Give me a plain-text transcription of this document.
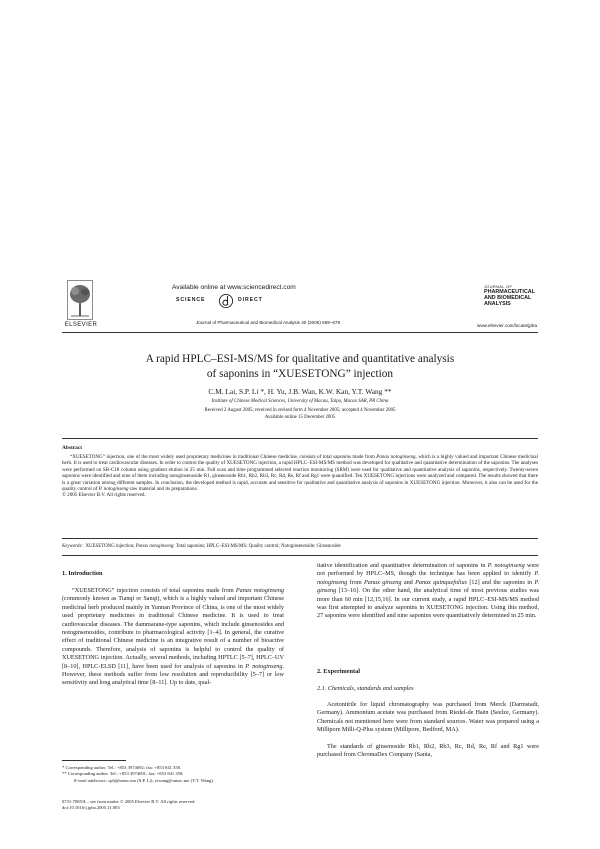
ELSEVIER
Available online at www.sciencedirect.com
SCIENCE	DIRECT
Journal of Pharmaceutical and Biomedical Analysis 40 (2006) 669–678
JOURNAL OF
PHARMACEUTICAL
AND BIOMEDICAL
ANALYSIS
www.elsevier.com/locate/jpba
A rapid HPLC–ESI-MS/MS for qualitative and quantitative analysis
of saponins in “XUESETONG” injection
C.M. Lai, S.P. Li *, H. Yu, J.B. Wan, K.W. Kan, Y.T. Wang **
Institute of Chinese Medical Sciences, University of Macau, Taipa, Macao SAR, PR China
Received 2 August 2005; received in revised form 4 November 2005; accepted 4 November 2005
Available online 15 December 2005
Abstract
“XUESETONG” injection, one of the most widely used proprietary medicines in traditional Chinese medicine, consists of total saponins made from Panax notoginseng, which is a highly valued and important Chinese medicinal herb. It is used to treat cardiovascular diseases. In order to control the quality of XUESETONG injection, a rapid HPLC–ESI-MS/MS method was developed for qualitative and quantitative determination of the saponins. The analyses were performed on SB-C18 column using gradient elution in 25 min. Full scan and time programmed selected reaction monitoring (SRM) were used for qualitative and quantitative analysis of saponins, respectively. Twenty-seven saponins were identified and nine of them including notoginsenoside R1, ginsenoside Rb1, Rb2, Rb3, Rc, Rd, Re, Rf and Rg1 were quantified. Ten XUESETONG injections were analyzed and compared. The results showed that there is a great variation among different samples. In conclusion, the developed method is rapid, accurate and sensitive for qualitative and quantitative analysis of saponins in XUESETONG injection. Moreover, it also can be used for the quality control of P. notoginseng raw material and its preparations.
© 2005 Elsevier B.V. All rights reserved.
Keywords: XUESETONG injection; Panax notoginseng; Total saponins; HPLC–ESI-MS/MS; Quality control; Notoginsenoside; Ginsenoside
1. Introduction
“XUESETONG” injection consists of total saponins made from Panax notoginseng (commonly known as Tianqi or Sanqi), which is a highly valued and important Chinese medicinal herb produced mainly in Yunnan Province of China, is one of the most widely used proprietary medicines in traditional Chinese medicine. It is used to treat cardiovascular diseases. The dammarane-type saponins, which include ginsenosides and notoginsenosides, contribute to pharmacological activity [1–4]. In general, the curative effect of traditional Chinese medicine is an integrative result of a number of bioactive compounds. Therefore, analysis of saponins is helpful to control the quality of XUESETONG injection. Actually, several methods, including HPTLC [5–7], HPLC–UV [8–10], HPLC-ELSD [11], have been used for analysis of saponins in P. notoginseng. However, these methods suffer from low resolution and reproducibility [5–7] or low sensitivity and long analytical time [8–11]. Up to date, qual-
* Corresponding author. Tel.: +853 3974692; fax: +853 841 358.
** Corresponding author. Tel.: +853 3974691; fax: +853 841 358.
E-mail addresses: spli@umac.mo (S.P. Li), ytwang@umac.mo (Y.T. Wang).
0731-7085/$ – see front matter © 2005 Elsevier B.V. All rights reserved.
doi:10.1016/j.jpba.2005.11.003
itative identification and quantitative determination of saponins in P. notoginseng were not performed by HPLC–MS, though the technique has been applied to identify P. notoginseng from Panax ginseng and Panax quinquefolius [12] and the saponins in P. ginseng [13–16]. On the other hand, the analytical time of most previous studies was more than 60 min [12,15,16]. In our current study, a rapid HPLC–ESI-MS/MS method was first attempted to analyze saponins in XUESETONG injection. Using this method, 27 saponins were identified and nine saponins were quantitatively determined in 25 min.
2. Experimental
2.1. Chemicals, standards and samples
Acetonitrile for liquid chromatography was purchased from Merck (Darmstadt, Germany). Ammonium acetate was purchased from Riedel-de Haën (Seelze, Germany). Chemicals not mentioned here were from standard sources. Water was prepared using a Millipore Milli-Q-Plus system (Millipore, Bedford, MA).
The standards of ginsenoside Rb1, Rb2, Rb3, Rc, Rd, Re, Rf and Rg1 were purchased from ChromaDex Company (Santa,
